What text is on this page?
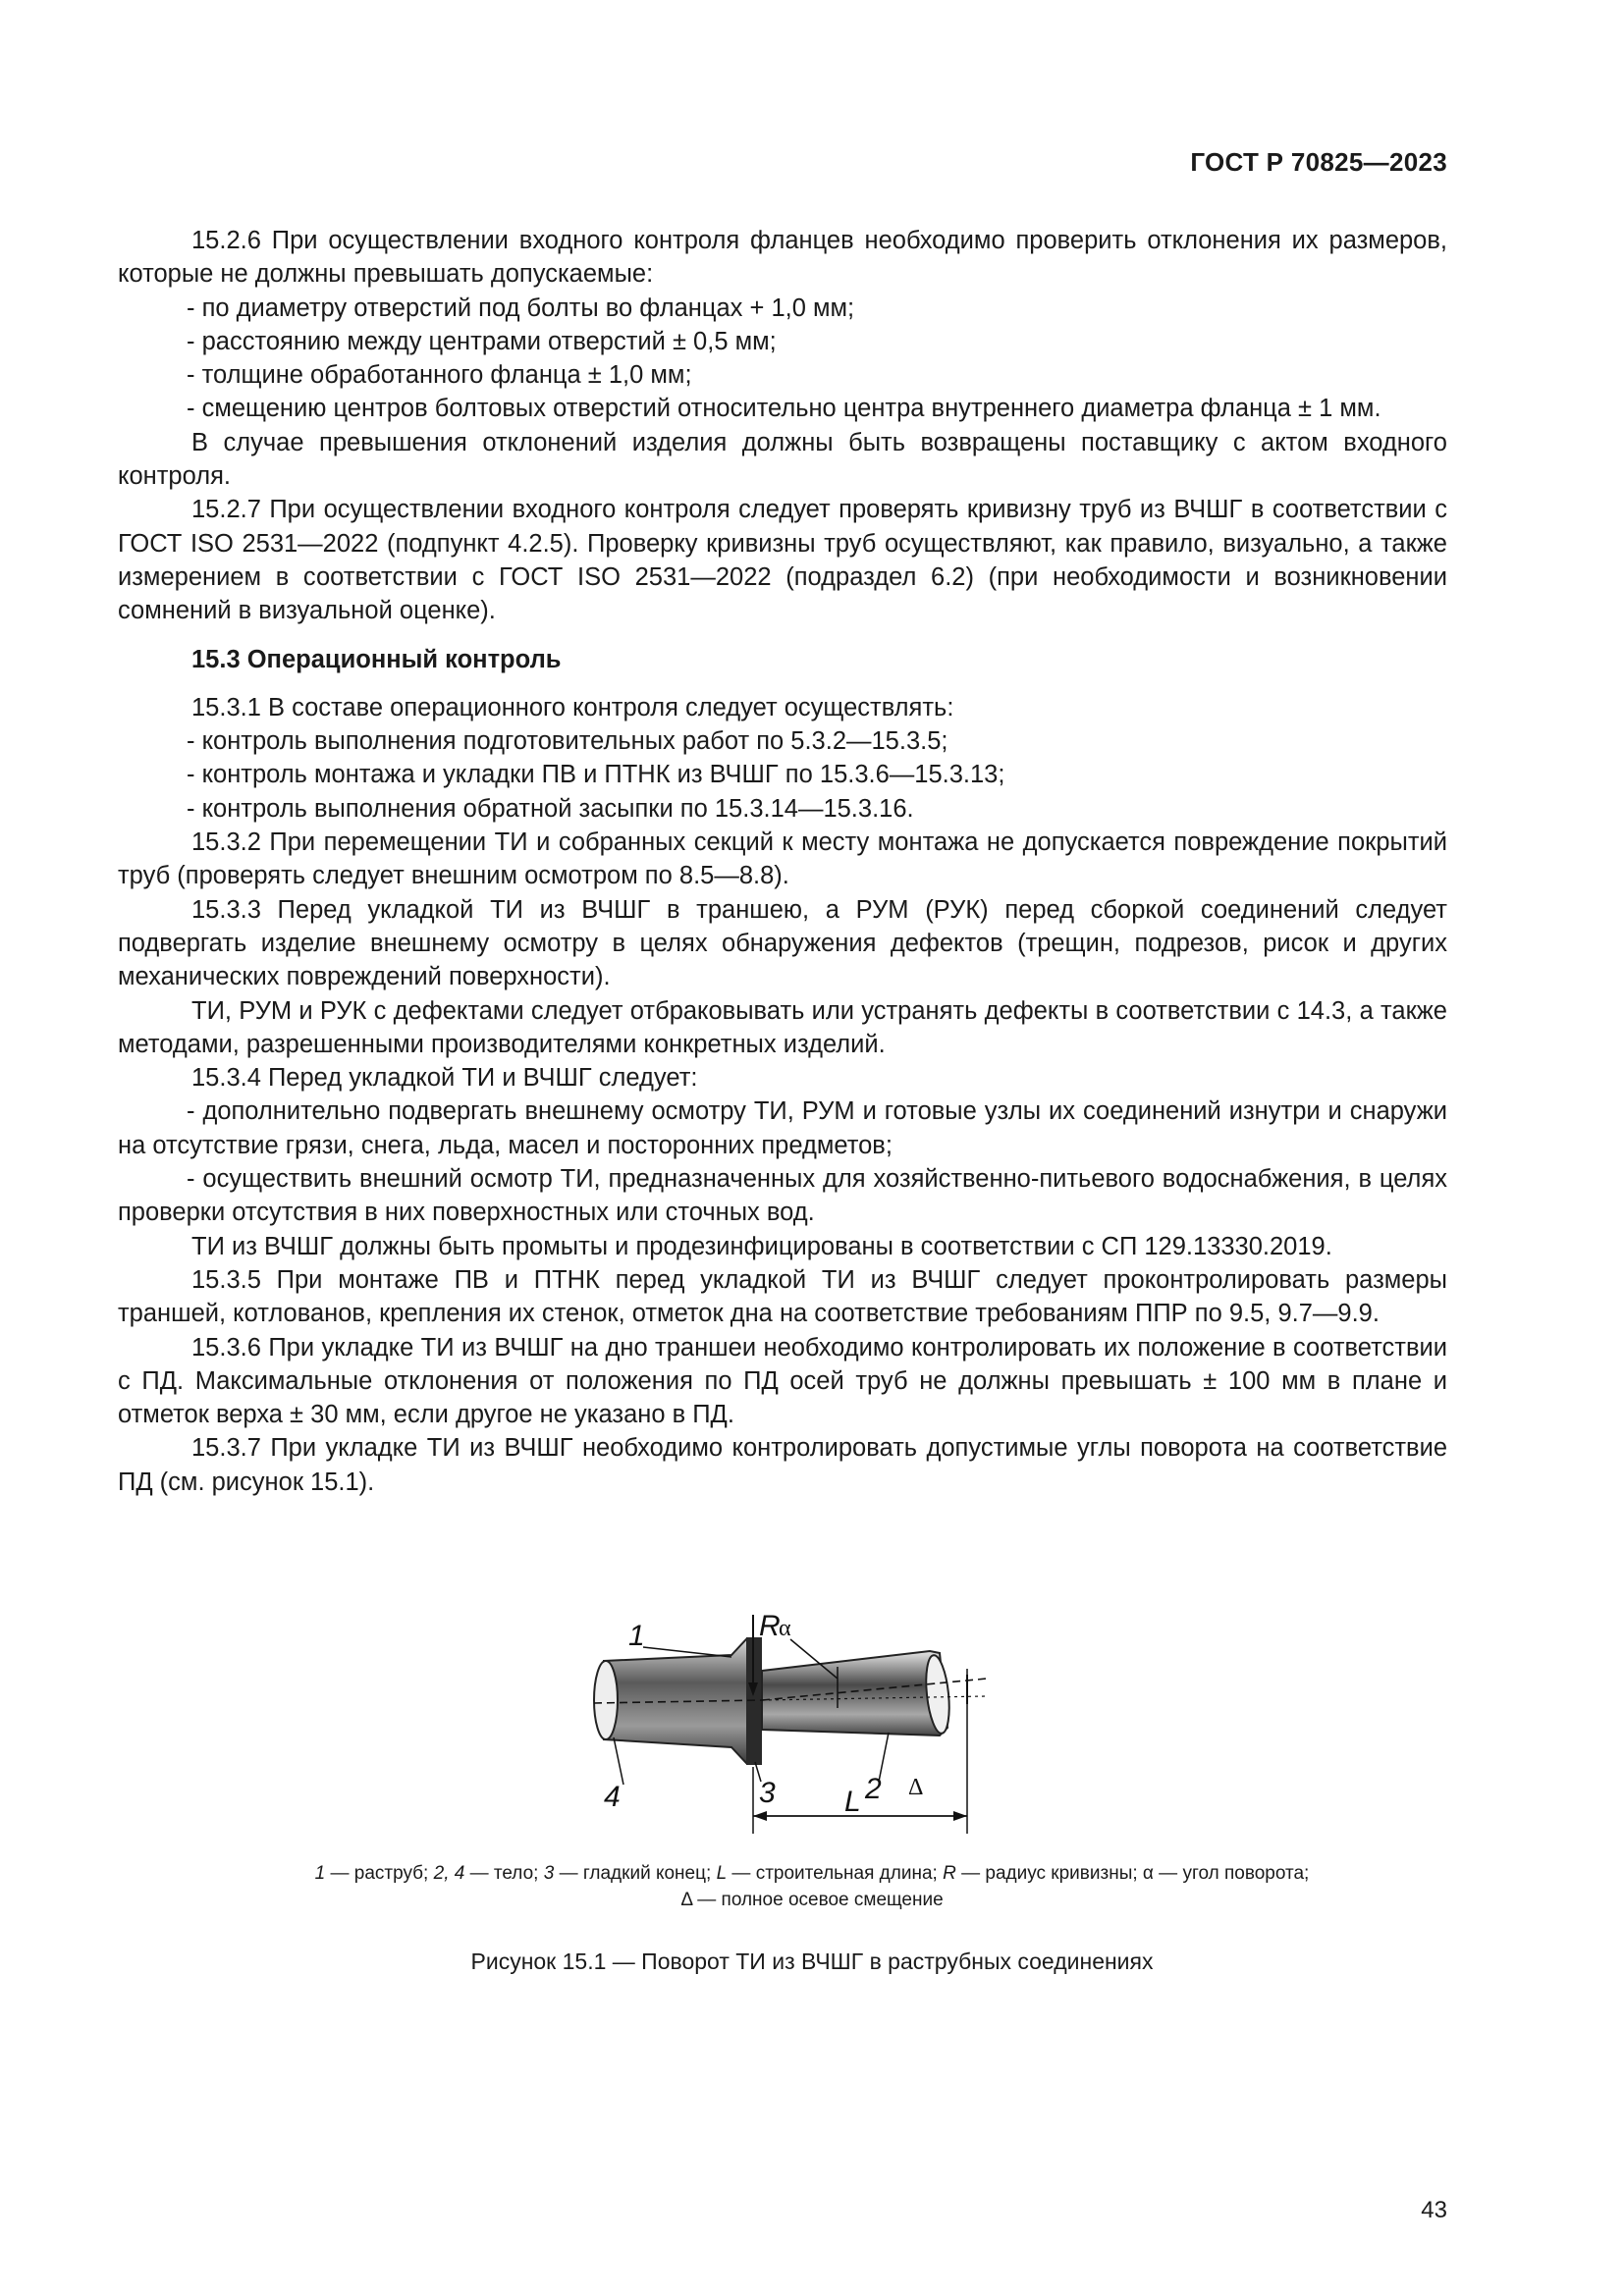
ГОСТ Р 70825—2023

15.2.6 При осуществлении входного контроля фланцев необходимо проверить отклонения их размеров, которые не должны превышать допускаемые:

- по диаметру отверстий под болты во фланцах + 1,0 мм;

- расстоянию между центрами отверстий ± 0,5 мм;

- толщине обработанного фланца ± 1,0 мм;

- смещению центров болтовых отверстий относительно центра внутреннего диаметра фланца ± 1 мм.

В случае превышения отклонений изделия должны быть возвращены поставщику с актом входного контроля.

15.2.7 При осуществлении входного контроля следует проверять кривизну труб из ВЧШГ в соответствии с ГОСТ ISO 2531—2022 (подпункт 4.2.5). Проверку кривизны труб осуществляют, как правило, визуально, а также измерением в соответствии с ГОСТ ISO 2531—2022 (подраздел 6.2) (при необходимости и возникновении сомнений в визуальной оценке).

15.3 Операционный контроль

15.3.1 В составе операционного контроля следует осуществлять:

- контроль выполнения подготовительных работ по 5.3.2—15.3.5;

- контроль монтажа и укладки ПВ и ПТНК из ВЧШГ по 15.3.6—15.3.13;

- контроль выполнения обратной засыпки по 15.3.14—15.3.16.

15.3.2 При перемещении ТИ и собранных секций к месту монтажа не допускается повреждение покрытий труб (проверять следует внешним осмотром по 8.5—8.8).

15.3.3 Перед укладкой ТИ из ВЧШГ в траншею, а РУМ (РУК) перед сборкой соединений следует подвергать изделие внешнему осмотру в целях обнаружения дефектов (трещин, подрезов, рисок и других механических повреждений поверхности).

ТИ, РУМ и РУК с дефектами следует отбраковывать или устранять дефекты в соответствии с 14.3, а также методами, разрешенными производителями конкретных изделий.

15.3.4 Перед укладкой ТИ и ВЧШГ следует:

- дополнительно подвергать внешнему осмотру ТИ, РУМ и готовые узлы их соединений изнутри и снаружи на отсутствие грязи, снега, льда, масел и посторонних предметов;

- осуществить внешний осмотр ТИ, предназначенных для хозяйственно-питьевого водоснабжения, в целях проверки отсутствия в них поверхностных или сточных вод.

ТИ из ВЧШГ должны быть промыты и продезинфицированы в соответствии с СП 129.13330.2019.

15.3.5 При монтаже ПВ и ПТНК перед укладкой ТИ из ВЧШГ следует проконтролировать размеры траншей, котлованов, крепления их стенок, отметок дна на соответствие требованиям ППР по 9.5, 9.7—9.9.

15.3.6 При укладке ТИ из ВЧШГ на дно траншеи необходимо контролировать их положение в соответствии с ПД. Максимальные отклонения от положения по ПД осей труб не должны превышать ± 100 мм в плане и отметок верха ± 30 мм, если другое не указано в ПД.

15.3.7 При укладке ТИ из ВЧШГ необходимо контролировать допустимые углы поворота на соответствие ПД (см. рисунок 15.1).

1	R
α
4	3	2 Δ
L
1 — раструб; 2, 4 — тело; 3 — гладкий конец; L — строительная длина; R — радиус кривизны; α — угол поворота;
Δ — полное осевое смещение
Рисунок 15.1 — Поворот ТИ из ВЧШГ в раструбных соединениях
43
